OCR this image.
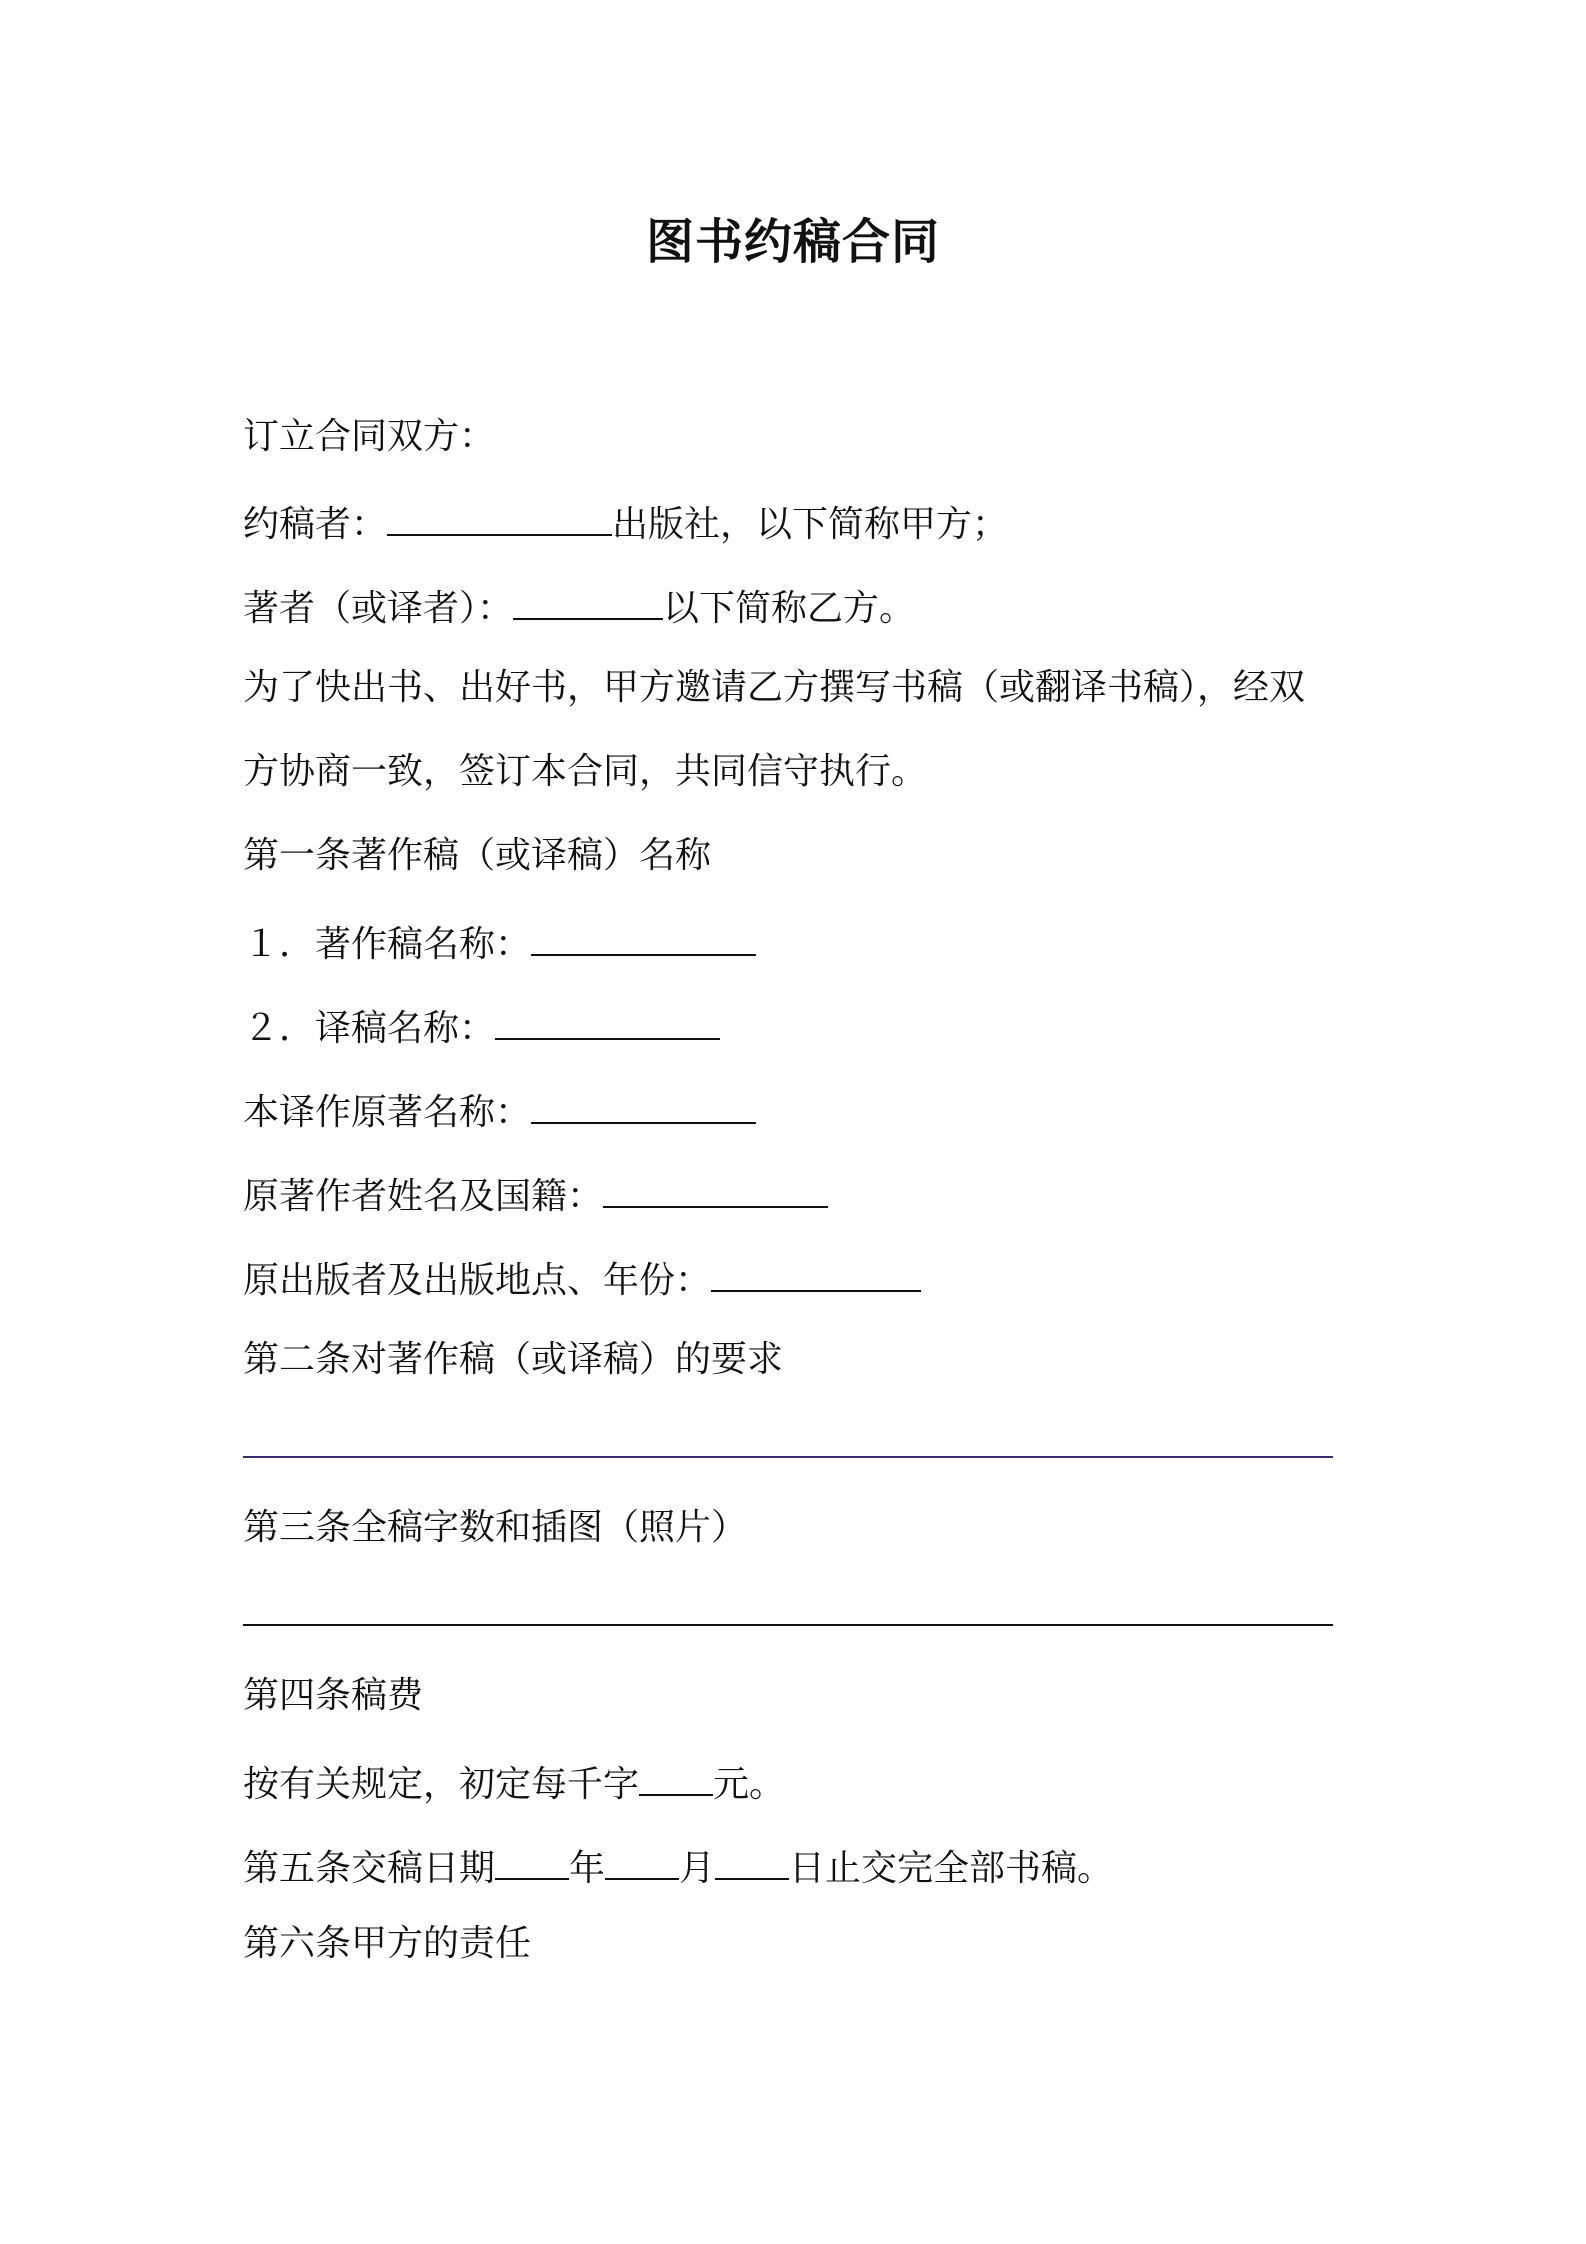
图书约稿合同
订立合同双方：
约稿者：	出版社，以下简称甲方；
著者（或译者）：	以下简称乙方。
为了快出书、出好书，甲方邀请乙方撰写书稿（或翻译书稿），经双
方协商一致，签订本合同，共同信守执行。
第一条著作稿（或译稿）名称
１．著作稿名称：
２．译稿名称：
本译作原著名称：
原著作者姓名及国籍：
原出版者及出版地点、年份：
第二条对著作稿（或译稿）的要求
第三条全稿字数和插图（照片）
第四条稿费
按有关规定，初定每千字 元。
第五条交稿日期 年 月 日止交完全部书稿。
第六条甲方的责任
